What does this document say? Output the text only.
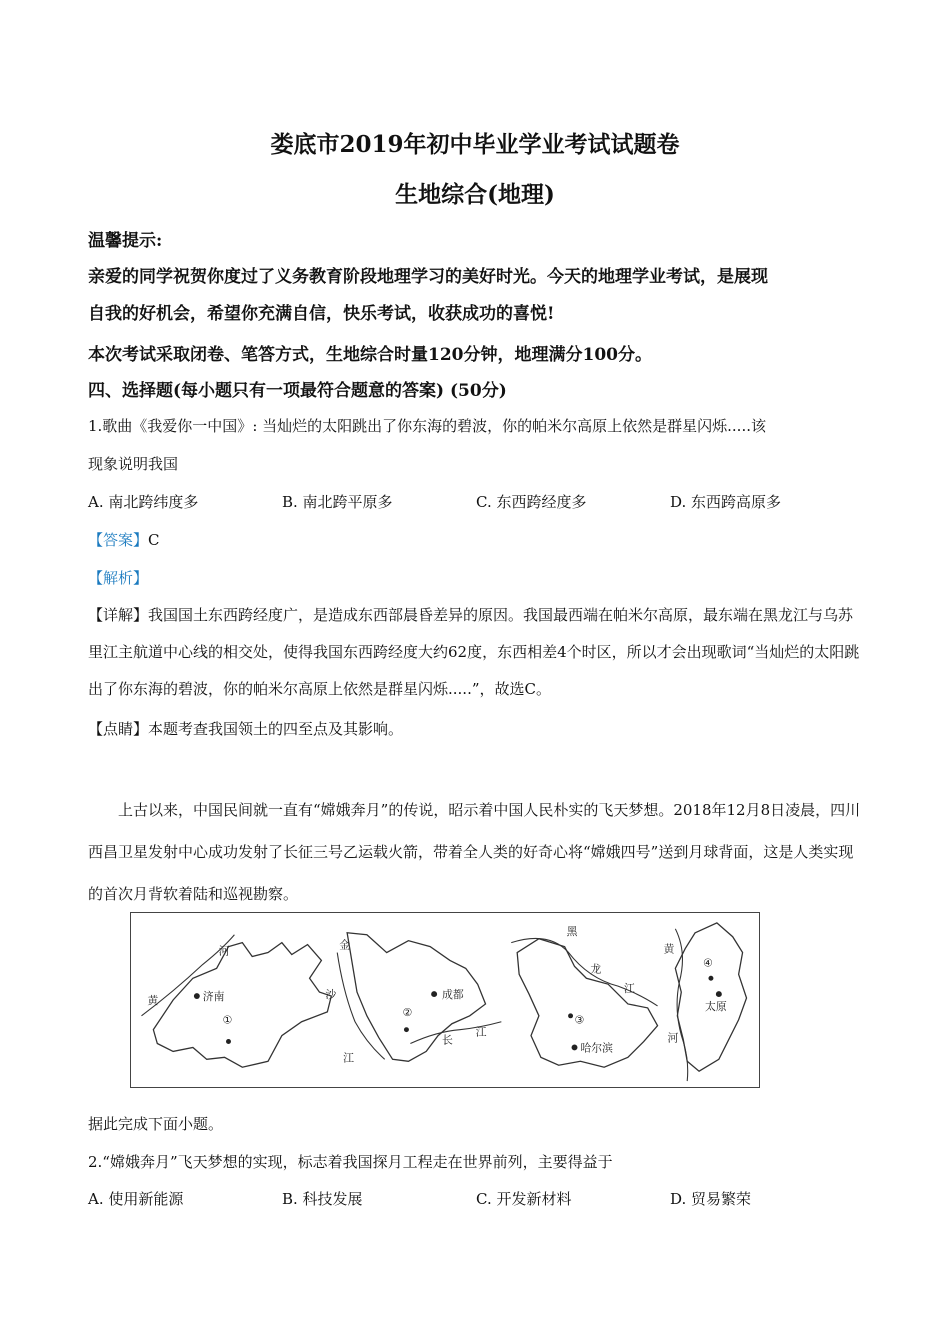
娄底市2019年初中毕业学业考试试题卷
生地综合(地理)
温馨提示:
亲爱的同学祝贺你度过了义务教育阶段地理学习的美好时光。今天的地理学业考试，是展现
自我的好机会，希望你充满自信，快乐考试，收获成功的喜悦!
本次考试采取闭卷、笔答方式，生地综合时量120分钟，地理满分100分。
四、选择题(每小题只有一项最符合题意的答案) (50分)
1.歌曲《我爱你一中国》: 当灿烂的太阳跳出了你东海的碧波，你的帕米尔高原上依然是群星闪烁.....该
现象说明我国
A. 南北跨纬度多	B. 南北跨平原多	C. 东西跨经度多	D. 东西跨高原多
【答案】C
【解析】
【详解】我国国土东西跨经度广，是造成东西部晨昏差异的原因。我国最西端在帕米尔高原，最东端在黑龙江与乌苏里江主航道中心线的相交处，使得我国东西跨经度大约62度，东西相差4个时区，所以才会出现歌词“当灿烂的太阳跳出了你东海的碧波，你的帕米尔高原上依然是群星闪烁.....”，故选C。
【点睛】本题考查我国领土的四至点及其影响。
上古以来，中国民间就一直有“嫦娥奔月”的传说，昭示着中国人民朴实的飞天梦想。2018年12月8日凌晨，四川西昌卫星发射中心成功发射了长征三号乙运载火箭，带着全人类的好奇心将“嫦娥四号”送到月球背面，这是人类实现的首次月背软着陆和巡视勘察。
河
黄	济南
①
金
沙
江
成都
②
江
长
黑
龙
江
③
哈尔滨
黄
河
④
太原
据此完成下面小题。
2.“嫦娥奔月”飞天梦想的实现，标志着我国探月工程走在世界前列，主要得益于
A. 使用新能源	B. 科技发展	C. 开发新材料	D. 贸易繁荣
